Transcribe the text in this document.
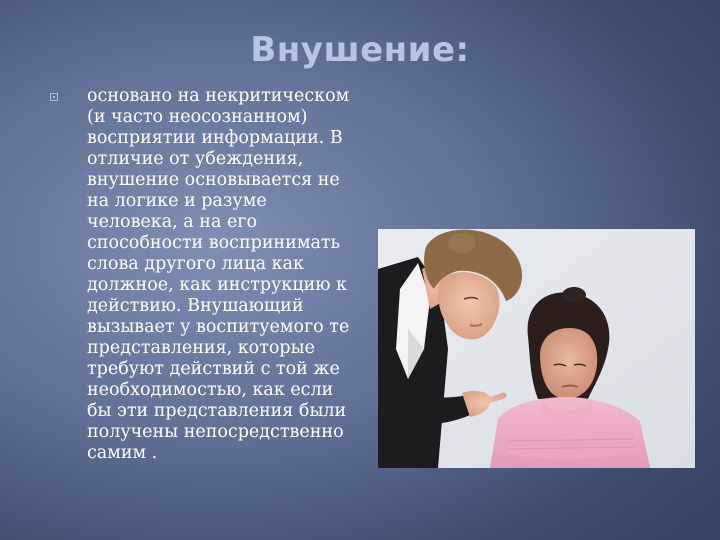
Внушение:

основано на некритическом (и часто неосознанном) восприятии информации. В отличие от убеждения, внушение основывается не на логике и разуме человека, а на его способности воспринимать слова другого лица как должное, как инструкцию к действию. Внушающий вызывает у воспитуемого те представления, которые требуют действий с той же необходимостью, как если бы эти представления были получены непосредственно самим .
